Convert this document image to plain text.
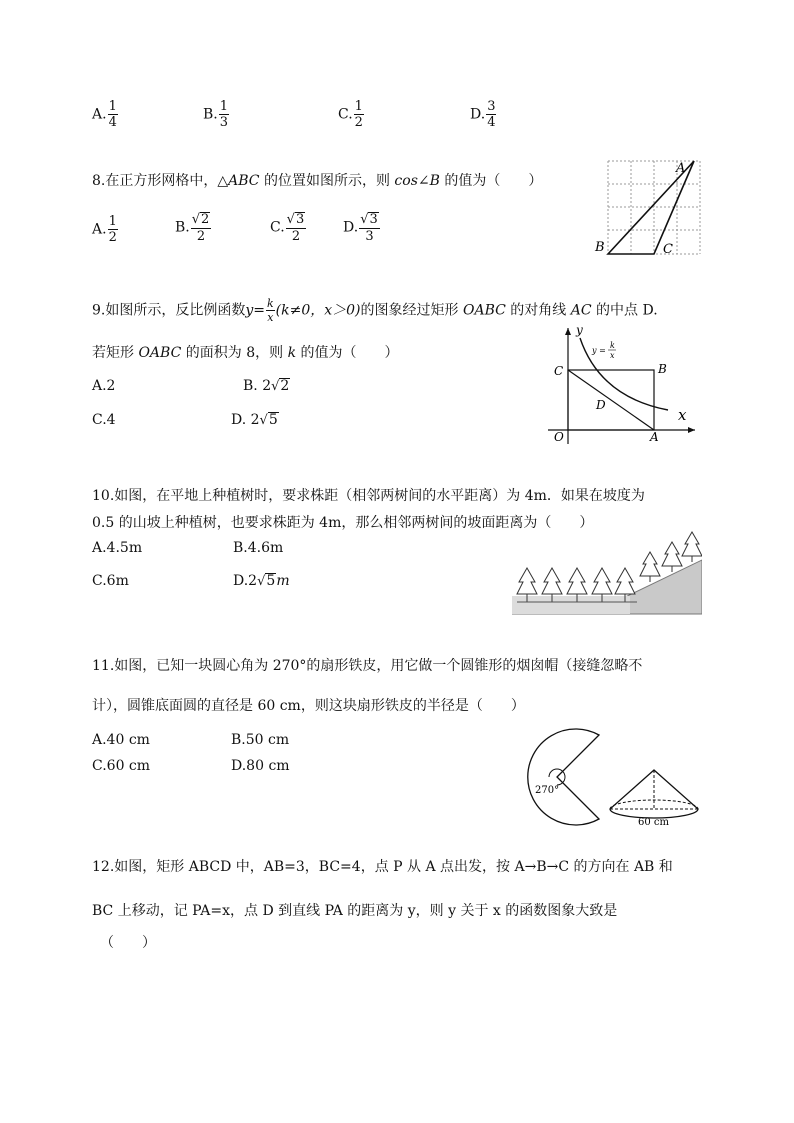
A. $\frac{1}{4}$	B. $\frac{1}{3}$	C. $\frac{1}{2}$	D. $\frac{3}{4}$
8.在正方形网格中，△ABC 的位置如图所示，则 cos∠B 的值为（　　）
A. $\frac{1}{2}$	B. $\frac{√2}{2}$	C. $\frac{√3}{2}$	D. $\frac{√3}{3}$
A
B	C
9.如图所示，反比例函数$y= \frac{k}{x} (k\ne 0$，x＞0)的图象经过矩形 OABC 的对角线 AC 的中点 D.
若矩形 OABC 的面积为 8，则 k 的值为（　　）
A.2	B. 2√2
C.4	D. 2√5
y
x
C	B
D
O	A
y =
k
x
10.如图，在平地上种植树时，要求株距（相邻两树间的水平距离）为 4m．如果在坡度为
0.5 的山坡上种植树，也要求株距为 4m，那么相邻两树间的坡面距离为（　　）
A.4.5m	B.4.6m
C.6m	D.2√5m
11.如图，已知一块圆心角为 270°的扇形铁皮，用它做一个圆锥形的烟囱帽（接缝忽略不
计），圆锥底面圆的直径是 60 cm，则这块扇形铁皮的半径是（　　）
A.40 cm	B.50 cm
C.60 cm	D.80 cm
270°
60 cm
12.如图，矩形 ABCD 中，AB=3，BC=4，点 P 从 A 点出发，按 A→B→C 的方向在 AB 和
BC 上移动，记 PA=x，点 D 到直线 PA 的距离为 y，则 y 关于 x 的函数图象大致是
（　　）
